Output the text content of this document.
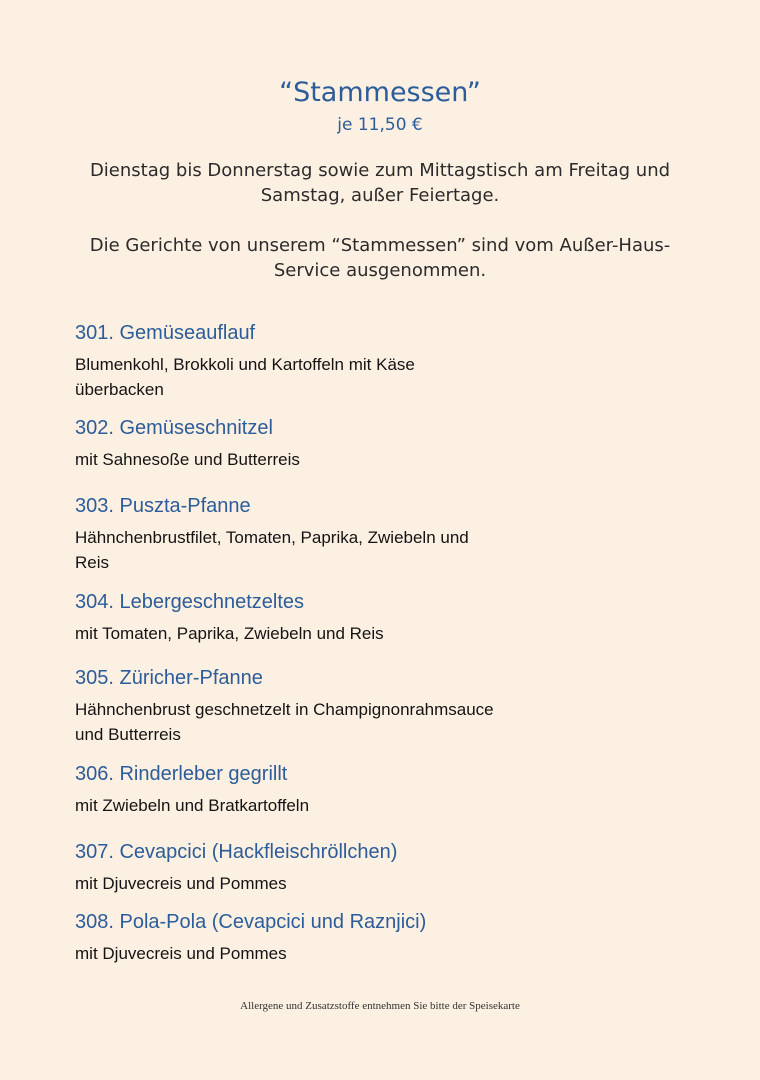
“Stammessen”
je 11,50 €
Dienstag bis Donnerstag sowie zum Mittagstisch am Freitag und Samstag, außer Feiertage.
Die Gerichte von unserem “Stammessen” sind vom Außer-Haus-Service ausgenommen.
301. Gemüseauflauf
Blumenkohl, Brokkoli und Kartoffeln mit Käse überbacken
302. Gemüseschnitzel
mit Sahnesoße und Butterreis
303. Puszta-Pfanne
Hähnchenbrustfilet, Tomaten, Paprika, Zwiebeln und Reis
304. Lebergeschnetzeltes
mit Tomaten, Paprika, Zwiebeln und Reis
305. Züricher-Pfanne
Hähnchenbrust geschnetzelt in Champignonrahmsauce und Butterreis
306. Rinderleber gegrillt
mit Zwiebeln und Bratkartoffeln
307. Cevapcici (Hackfleischröllchen)
mit Djuvecreis und Pommes
308. Pola-Pola (Cevapcici und Raznjici)
mit Djuvecreis und Pommes
Allergene und Zusatzstoffe entnehmen Sie bitte der Speisekarte
